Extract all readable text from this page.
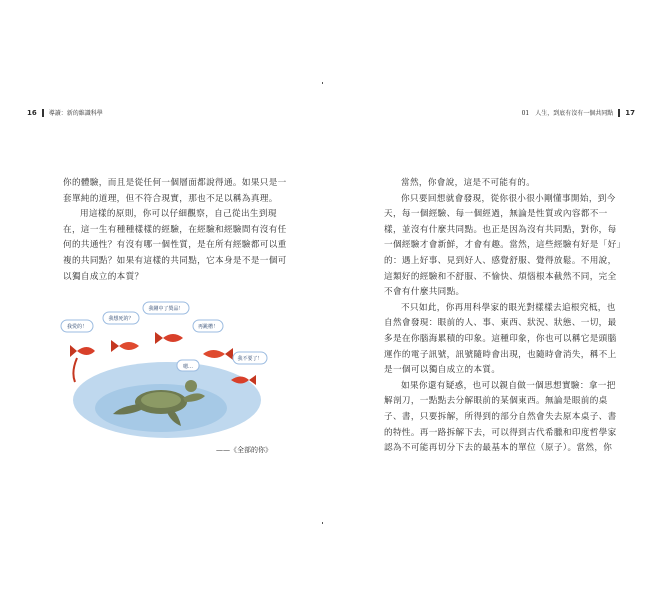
16 導讀：新的維識科學

你的體驗，而且是從任何一個層面都說得通。如果只是一套單純的道理，但不符合現實，那也不足以稱為真理。

用這樣的原則，你可以仔細觀察，自己從出生到現在，這一生有種種樣樣的經驗，在經驗和經驗間有沒有任何的共通性？有沒有哪一個性質，是在所有經驗都可以重複的共同點？如果有這樣的共同點，它本身是不是一個可以獨自成立的本質？

我愛的！
我想死的？
我剛中了獎品！
再跳槽！
我不要了！
嗯…
——《全部的你》
01　人生，到底有沒有一個共同點 17

當然，你會說，這是不可能有的。

你只要回想就會發現，從你很小很小剛懂事開始，到今天，每一個經驗、每一個經過，無論是性質或內容都不一樣，並沒有什麼共同點。也正是因為沒有共同點，對你，每一個經驗才會新鮮，才會有趣。當然，這些經驗有好是「好」的：遇上好事、見到好人、感覺舒服、覺得放鬆。不用說，這類好的經驗和不舒服、不愉快、煩惱根本截然不同，完全不會有什麼共同點。

不只如此，你再用科學家的眼光對樣樣去追根究柢，也自然會發現：眼前的人、事、東西、狀況、狀態、一切，最多是在你腦海累積的印象。這種印象，你也可以稱它是頭腦運作的電子訊號，訊號隨時會出現，也隨時會消失，稱不上是一個可以獨自成立的本質。

如果你還有疑惑，也可以親自做一個思想實驗：拿一把解剖刀，一點點去分解眼前的某個東西。無論是眼前的桌子、書，只要拆解，所得到的部分自然會失去原本桌子、書的特性。再一路拆解下去，可以得到古代希臘和印度哲學家認為不可能再切分下去的最基本的單位（原子）。當然，你
